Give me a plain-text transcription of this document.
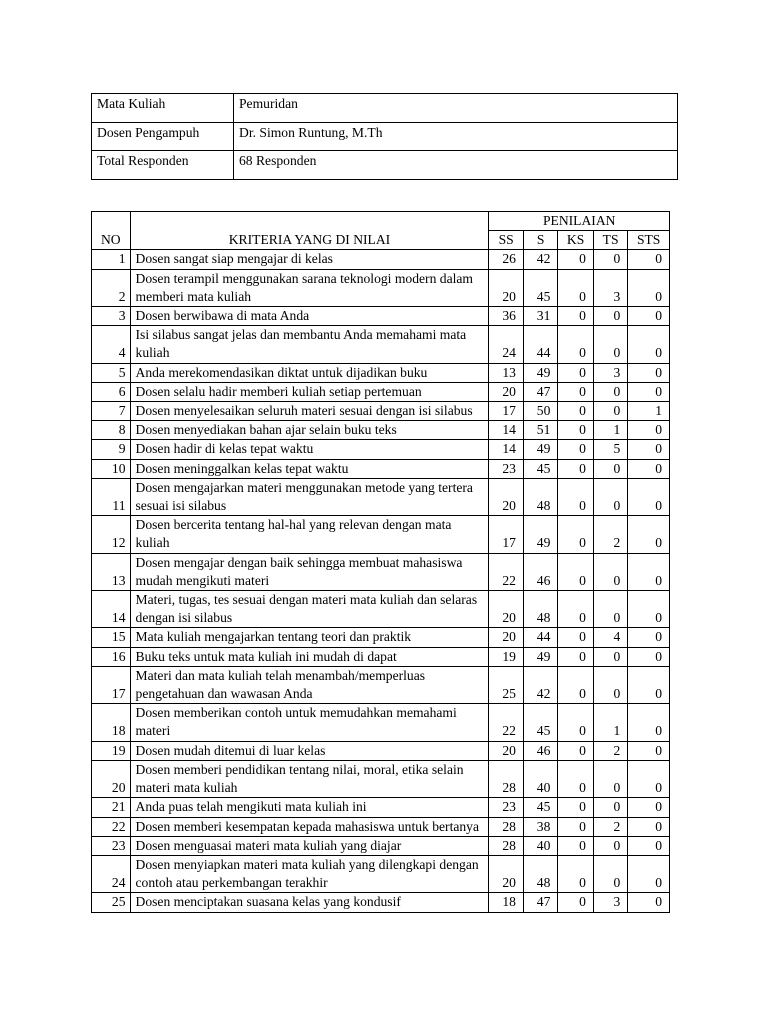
Mata Kuliah	Pemuridan
Dosen Pengampuh	Dr. Simon Runtung, M.Th
Total Responden	68 Responden
NO	KRITERIA YANG DI NILAI	PENILAIAN				
		SS	S	KS	TS	STS
1	Dosen sangat siap mengajar di kelas	26	42	0	0	0
2	Dosen terampil menggunakan sarana teknologi modern dalam memberi mata kuliah	20	45	0	3	0
3	Dosen berwibawa di mata Anda	36	31	0	0	0
4	Isi silabus sangat jelas dan membantu Anda memahami mata kuliah	24	44	0	0	0
5	Anda merekomendasikan diktat untuk dijadikan buku	13	49	0	3	0
6	Dosen selalu hadir memberi kuliah setiap pertemuan	20	47	0	0	0
7	Dosen menyelesaikan seluruh materi sesuai dengan isi silabus	17	50	0	0	1
8	Dosen menyediakan bahan ajar selain buku teks	14	51	0	1	0
9	Dosen hadir di kelas tepat waktu	14	49	0	5	0
10	Dosen meninggalkan kelas tepat waktu	23	45	0	0	0
11	Dosen mengajarkan materi menggunakan metode yang tertera sesuai isi silabus	20	48	0	0	0
12	Dosen bercerita tentang hal-hal yang relevan dengan mata kuliah	17	49	0	2	0
13	Dosen mengajar dengan baik sehingga membuat mahasiswa mudah mengikuti materi	22	46	0	0	0
14	Materi, tugas, tes sesuai dengan materi mata kuliah dan selaras dengan isi silabus	20	48	0	0	0
15	Mata kuliah mengajarkan tentang teori dan praktik	20	44	0	4	0
16	Buku teks untuk mata kuliah ini mudah di dapat	19	49	0	0	0
17	Materi dan mata kuliah telah menambah/memperluas pengetahuan dan wawasan Anda	25	42	0	0	0
18	Dosen memberikan contoh untuk memudahkan memahami materi	22	45	0	1	0
19	Dosen mudah ditemui di luar kelas	20	46	0	2	0
20	Dosen memberi pendidikan tentang nilai, moral, etika selain materi mata kuliah	28	40	0	0	0
21	Anda puas telah mengikuti mata kuliah ini	23	45	0	0	0
22	Dosen memberi kesempatan kepada mahasiswa untuk bertanya	28	38	0	2	0
23	Dosen menguasai materi mata kuliah yang diajar	28	40	0	0	0
24	Dosen menyiapkan materi mata kuliah yang dilengkapi dengan contoh atau perkembangan terakhir	20	48	0	0	0
25	Dosen menciptakan suasana kelas yang kondusif	18	47	0	3	0
